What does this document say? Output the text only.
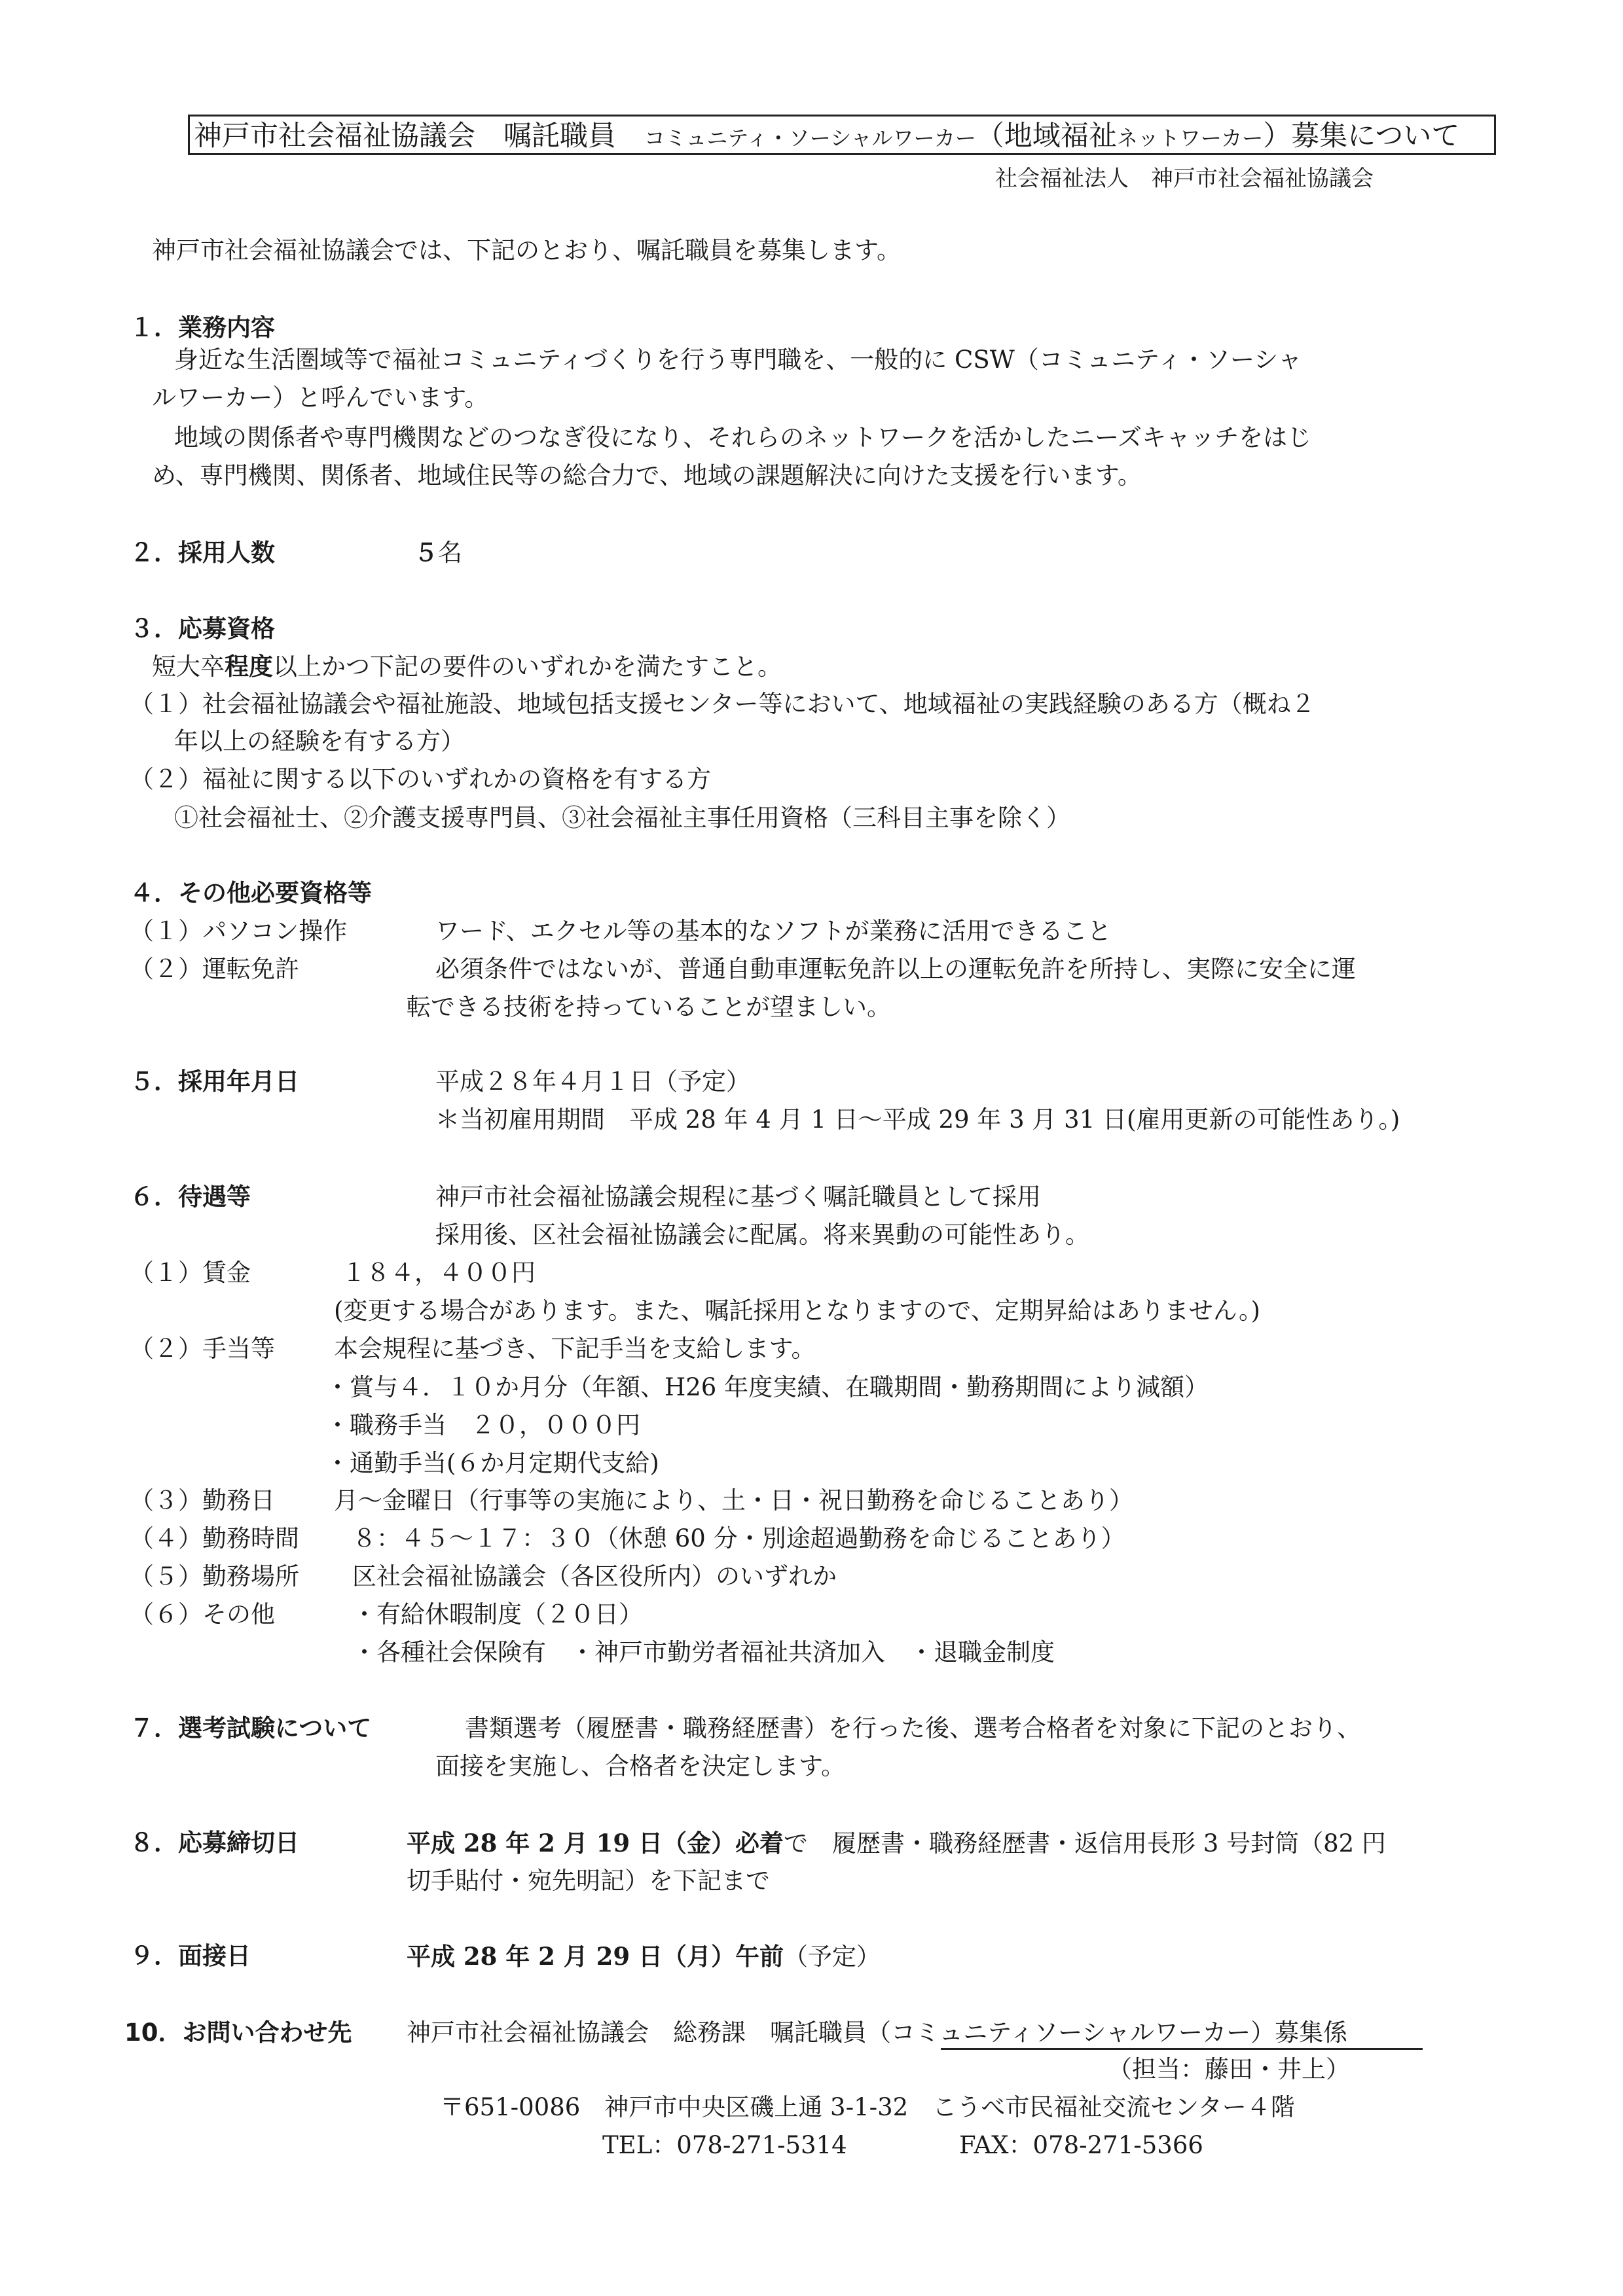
神戸市社会福祉協議会　嘱託職員　コミュニティ・ソーシャルワーカー（地域福祉ネットワーカー）募集について
社会福祉法人　神戸市社会福祉協議会
神戸市社会福祉協議会では、下記のとおり、嘱託職員を募集します。
１．業務内容
身近な生活圏域等で福祉コミュニティづくりを行う専門職を、一般的に CSW（コミュニティ・ソーシャ
ルワーカー）と呼んでいます。
地域の関係者や専門機関などのつなぎ役になり、それらのネットワークを活かしたニーズキャッチをはじ
め、専門機関、関係者、地域住民等の総合力で、地域の課題解決に向けた支援を行います。
２．採用人数	５名
３．応募資格
短大卒程度以上かつ下記の要件のいずれかを満たすこと。
（１）社会福祉協議会や福祉施設、地域包括支援センター等において、地域福祉の実践経験のある方（概ね２
年以上の経験を有する方）
（２）福祉に関する以下のいずれかの資格を有する方
①社会福祉士、②介護支援専門員、③社会福祉主事任用資格（三科目主事を除く）
４．その他必要資格等
（１）パソコン操作	ワード、エクセル等の基本的なソフトが業務に活用できること
（２）運転免許	必須条件ではないが、普通自動車運転免許以上の運転免許を所持し、実際に安全に運
転できる技術を持っていることが望ましい。
５．採用年月日	平成２８年４月１日（予定）
＊当初雇用期間　平成 28 年 4 月 1 日～平成 29 年 3 月 31 日(雇用更新の可能性あり。)
６．待遇等	神戸市社会福祉協議会規程に基づく嘱託職員として採用
採用後、区社会福祉協議会に配属。将来異動の可能性あり。
（１）賃金	１８４，４００円
(変更する場合があります。また、嘱託採用となりますので、定期昇給はありません。)
（２）手当等 本会規程に基づき、下記手当を支給します。
・賞与４．１０か月分（年額、H26 年度実績、在職期間・勤務期間により減額）
・職務手当　２０，０００円
・通勤手当(６か月定期代支給)
（３）勤務日 月～金曜日（行事等の実施により、土・日・祝日勤務を命じることあり）
（４）勤務時間 ８：４５～１７：３０（休憩 60 分・別途超過勤務を命じることあり）
（５）勤務場所 区社会福祉協議会（各区役所内）のいずれか
（６）その他	・有給休暇制度（２０日）
・各種社会保険有　・神戸市勤労者福祉共済加入　・退職金制度
７．選考試験について	書類選考（履歴書・職務経歴書）を行った後、選考合格者を対象に下記のとおり、
面接を実施し、合格者を決定します。
８．応募締切日	平成 28 年 2 月 19 日（金）必着で　履歴書・職務経歴書・返信用長形 3 号封筒（82 円
切手貼付・宛先明記）を下記まで
９．面接日	平成 28 年 2 月 29 日（月）午前（予定）
10．お問い合わせ先 神戸市社会福祉協議会　総務課　嘱託職員（コミュニティソーシャルワーカー）募集係
（担当：藤田・井上）
〒651-0086　神戸市中央区磯上通 3-1-32　こうべ市民福祉交流センター４階
TEL：078-271-5314	FAX：078-271-5366
